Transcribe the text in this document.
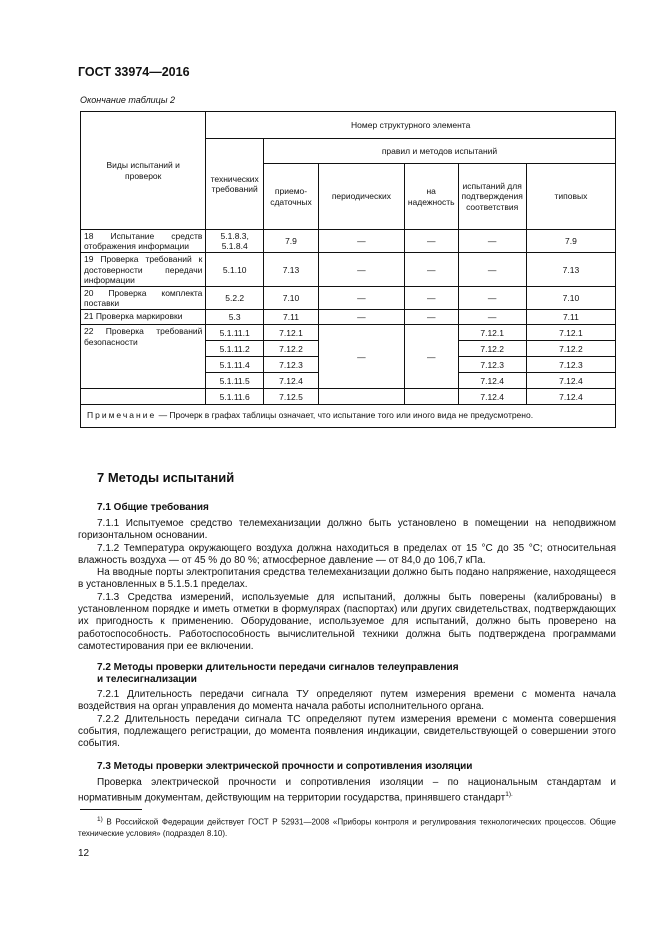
ГОСТ 33974—2016
Окончание таблицы 2
Виды испытаний и проверок	Номер структурного элемента					
	технических требований	правил и методов испытаний				
		приемо-сдаточных	периодических	на надежность	испытаний для подтверждения соответствия	типовых
18 Испытание средств отображения информации	5.1.8.3, 5.1.8.4	7.9	—	—	—	7.9
19 Проверка требований к достоверности передачи информации	5.1.10	7.13	—	—	—	7.13
20 Проверка комплекта поставки	5.2.2	7.10	—	—	—	7.10
21 Проверка маркировки	5.3	7.11	—	—	—	7.11
22 Проверка требований безопасности	5.1.11.1	7.12.1	—	—	7.12.1	7.12.1
	5.1.11.2	7.12.2			7.12.2	7.12.2
	5.1.11.4	7.12.3			7.12.3	7.12.3
	5.1.11.5	7.12.4			7.12.4	7.12.4
	5.1.11.6	7.12.5			7.12.4	7.12.4
Примечание — Прочерк в графах таблицы означает, что испытание того или иного вида не предусмотрено.						
7 Методы испытаний
7.1 Общие требования

7.1.1 Испытуемое средство телемеханизации должно быть установлено в помещении на неподвижном горизонтальном основании.

7.1.2 Температура окружающего воздуха должна находиться в пределах от 15 °С до 35 °С; относительная влажность воздуха — от 45 % до 80 %; атмосферное давление — от 84,0 до 106,7 кПа.

На вводные порты электропитания средства телемеханизации должно быть подано напряжение, находящееся в установленных в 5.1.5.1 пределах.

7.1.3 Средства измерений, используемые для испытаний, должны быть поверены (калиброваны) в установленном порядке и иметь отметки в формулярах (паспортах) или других свидетельствах, подтверждающих их пригодность к применению. Оборудование, используемое для испытаний, должно быть проверено на работоспособность. Работоспособность вычислительной техники должна быть подтверждена программами самотестирования при ее включении.

7.2 Методы проверки длительности передачи сигналов телеуправления
и телесигнализации

7.2.1 Длительность передачи сигнала ТУ определяют путем измерения времени с момента начала воздействия на орган управления до момента начала работы исполнительного органа.

7.2.2 Длительность передачи сигнала ТС определяют путем измерения времени с момента совершения события, подлежащего регистрации, до момента появления индикации, свидетельствующей о совершении этого события.

7.3 Методы проверки электрической прочности и сопротивления изоляции

Проверка электрической прочности и сопротивления изоляции – по национальным стандартам и нормативным документам, действующим на территории государства, принявшего стандарт$^{1).}$

$^{1)}$ В Российской Федерации действует ГОСТ Р 52931—2008 «Приборы контроля и регулирования технологических процессов. Общие технические условия» (подраздел 8.10).

12
